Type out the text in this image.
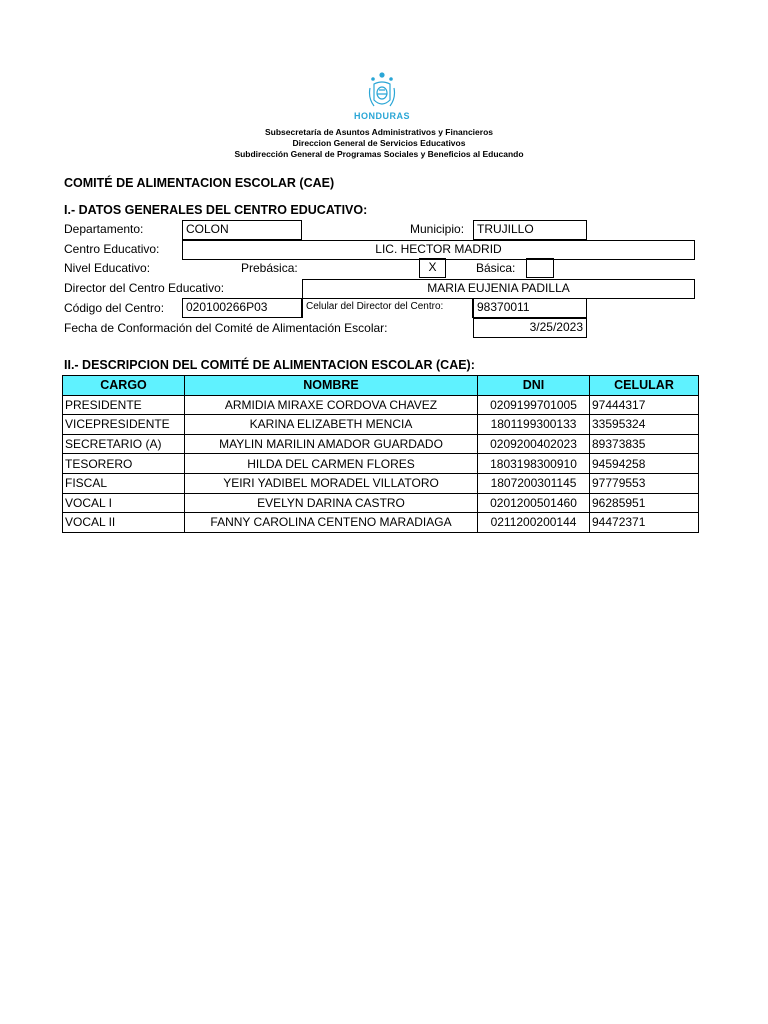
HONDURAS
Subsecretaría de Asuntos Administrativos y Financieros
Direccion General de Servicios Educativos
Subdirección General de Programas Sociales y Beneficios al Educando
COMITÉ DE ALIMENTACION ESCOLAR (CAE)
I.- DATOS GENERALES DEL CENTRO EDUCATIVO:
Departamento:	COLON	Municipio:	TRUJILLO
Centro Educativo:	LIC. HECTOR MADRID
Nivel Educativo:	Prebásica:	X	Básica:
Director del Centro Educativo:	MARIA EUJENIA PADILLA
Código del Centro:	020100266P03	Celular del Director del Centro:	98370011
Fecha de Conformación del Comité de Alimentación Escolar:	3/25/2023
II.- DESCRIPCION DEL COMITÉ DE ALIMENTACION ESCOLAR (CAE):
CARGO	NOMBRE	DNI	CELULAR
PRESIDENTE	ARMIDIA MIRAXE CORDOVA CHAVEZ	0209199701005	97444317
VICEPRESIDENTE	KARINA ELIZABETH MENCIA	1801199300133	33595324
SECRETARIO (A)	MAYLIN MARILIN AMADOR GUARDADO	0209200402023	89373835
TESORERO	HILDA DEL CARMEN FLORES	1803198300910	94594258
FISCAL	YEIRI YADIBEL MORADEL VILLATORO	1807200301145	97779553
VOCAL I	EVELYN DARINA CASTRO	0201200501460	96285951
VOCAL II	FANNY CAROLINA CENTENO MARADIAGA	0211200200144	94472371
